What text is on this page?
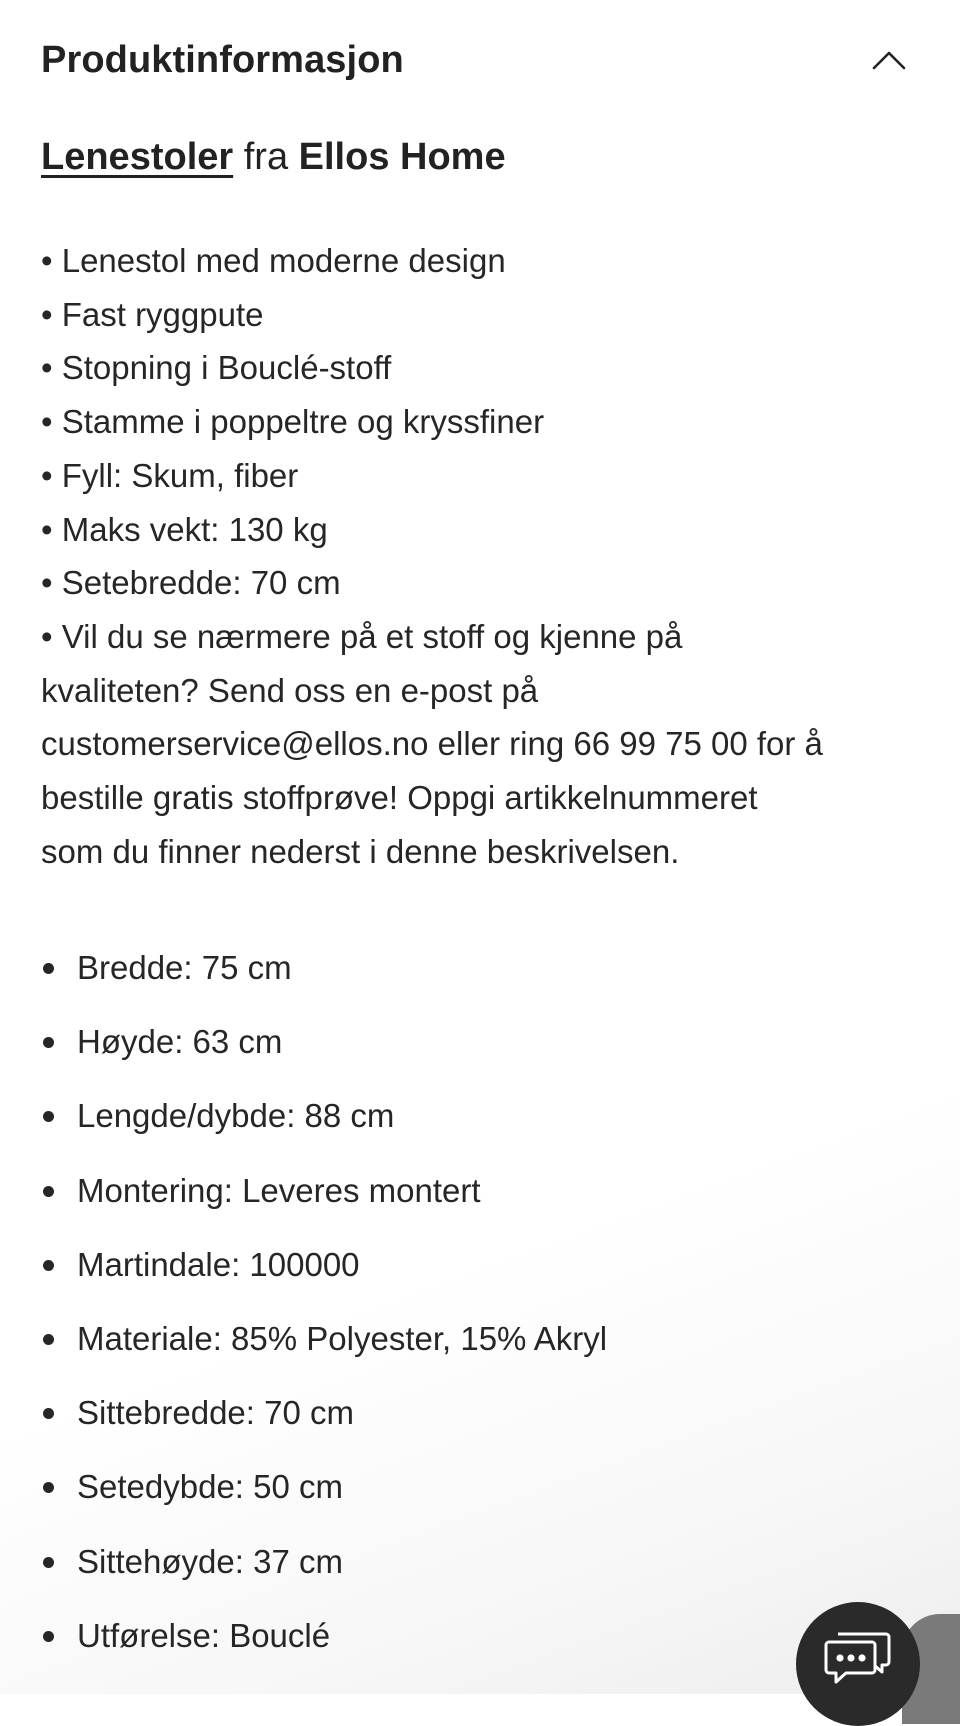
Produktinformasjon
Lenestoler fra Ellos Home
• Lenestol med moderne design
• Fast ryggpute
• Stopning i Bouclé-stoff
• Stamme i poppeltre og kryssfiner
• Fyll: Skum, fiber
• Maks vekt: 130 kg
• Setebredde: 70 cm
• Vil du se nærmere på et stoff og kjenne på
kvaliteten? Send oss en e-post på
customerservice@ellos.no eller ring 66 99 75 00 for å
bestille gratis stoffprøve! Oppgi artikkelnummeret
som du finner nederst i denne beskrivelsen.
Bredde: 75 cm
Høyde: 63 cm
Lengde/dybde: 88 cm
Montering: Leveres montert
Martindale: 100000
Materiale: 85% Polyester, 15% Akryl
Sittebredde: 70 cm
Setedybde: 50 cm
Sittehøyde: 37 cm
Utførelse: Bouclé
